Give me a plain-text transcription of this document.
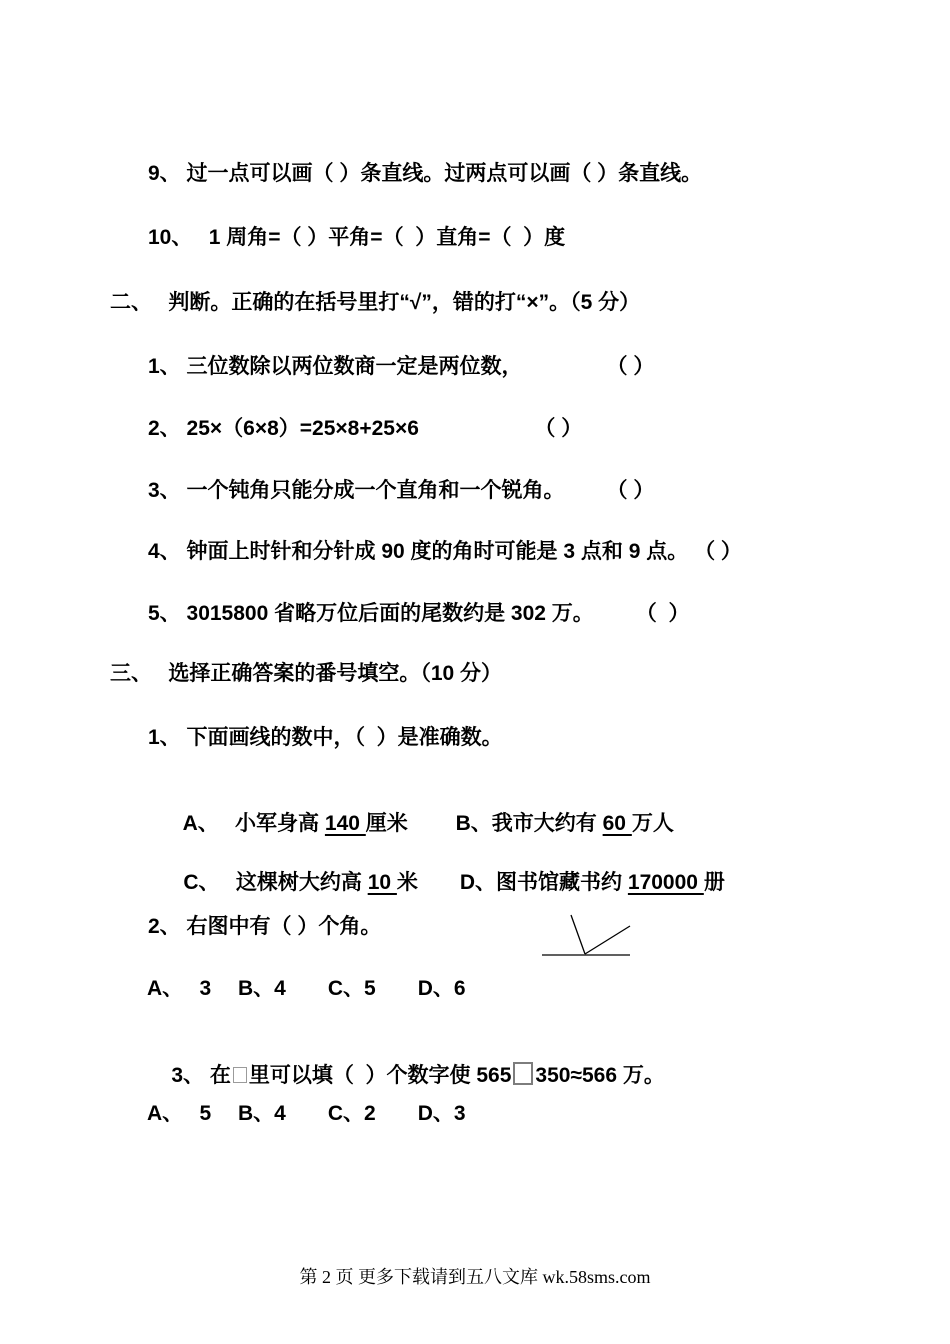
9、 过一点可以画（ ）条直线。过两点可以画（ ）条直线。
10、　 1 周角=（ ）平角=（  ）直角=（  ）度
二、　 判断。正确的在括号里打“√”，错的打“×”。（5 分）
1、 三位数除以两位数商一定是两位数，　　　　　（ ）
2、 25×（6×8）=25×8+25×6　　　　　　（ ）
3、 一个钝角只能分成一个直角和一个锐角。　　　（ ）
4、 钟面上时针和分针成 90 度的角时可能是 3 点和 9 点。 （ ）
5、 3015800 省略万位后面的尾数约是 302 万。　　　（  ）
三、　 选择正确答案的番号填空。（10 分）
1、 下面画线的数中，（  ）是准确数。

A、　 小军身高 140 厘米　　 B、我市大约有 60 万人

C、　 这棵树大约高 10 米　　D、图书馆藏书约 170000 册

2、 右图中有（ ）个角。
A、　 3　 B、4　　C、5　　D、6

3、 在 里可以填（  ）个数字使 565 350≈566 万。

A、　 5　 B、4　　C、2　　D、3
第 2 页 更多下载请到五八文库 wk.58sms.com
